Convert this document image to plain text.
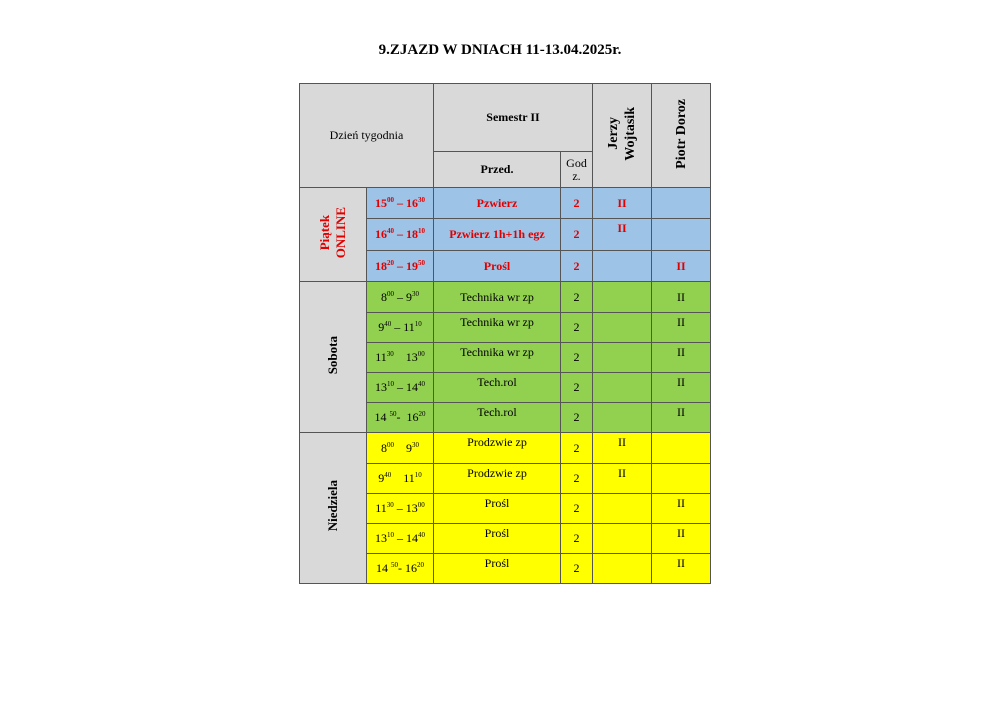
9.ZJAZD W DNIACH 11-13.04.2025r.
Dzień tygodnia		Semestr II		Jerzy Wojtasik	Piotr Doroz
		Przed.	God
z.		
Piątek
ONLINE	$15^{00} - 16^{30}$	Pzwierz	2	II	
	$16^{40} - 18^{10}$	Pzwierz 1h+1h egz	2	II	
	$18^{20} - 19^{50}$	Prośl	2		II
Sobota	$8^{00} - 9^{30}$	Technika wr zp	2		II
	$9^{40} - 11^{10}$	Technika wr zp	2		II
	$11^{30}$ $13^{00}$	Technika wr zp	2		II
	$13^{10} - 14^{40}$	Tech.rol	2		II
	14 $^{50}$-  $16^{20}$	Tech.rol	2		II
Niedziela	$8^{00}$ $9^{30}$	Prodzwie zp	2	II	
	$9^{40}$ $11^{10}$	Prodzwie zp	2	II	
	$11^{30} - 13^{00}$	Prośl	2		II
	$13^{10} - 14^{40}$	Prośl	2		II
	14 $^{50}$- $16^{20}$	Prośl	2		II
